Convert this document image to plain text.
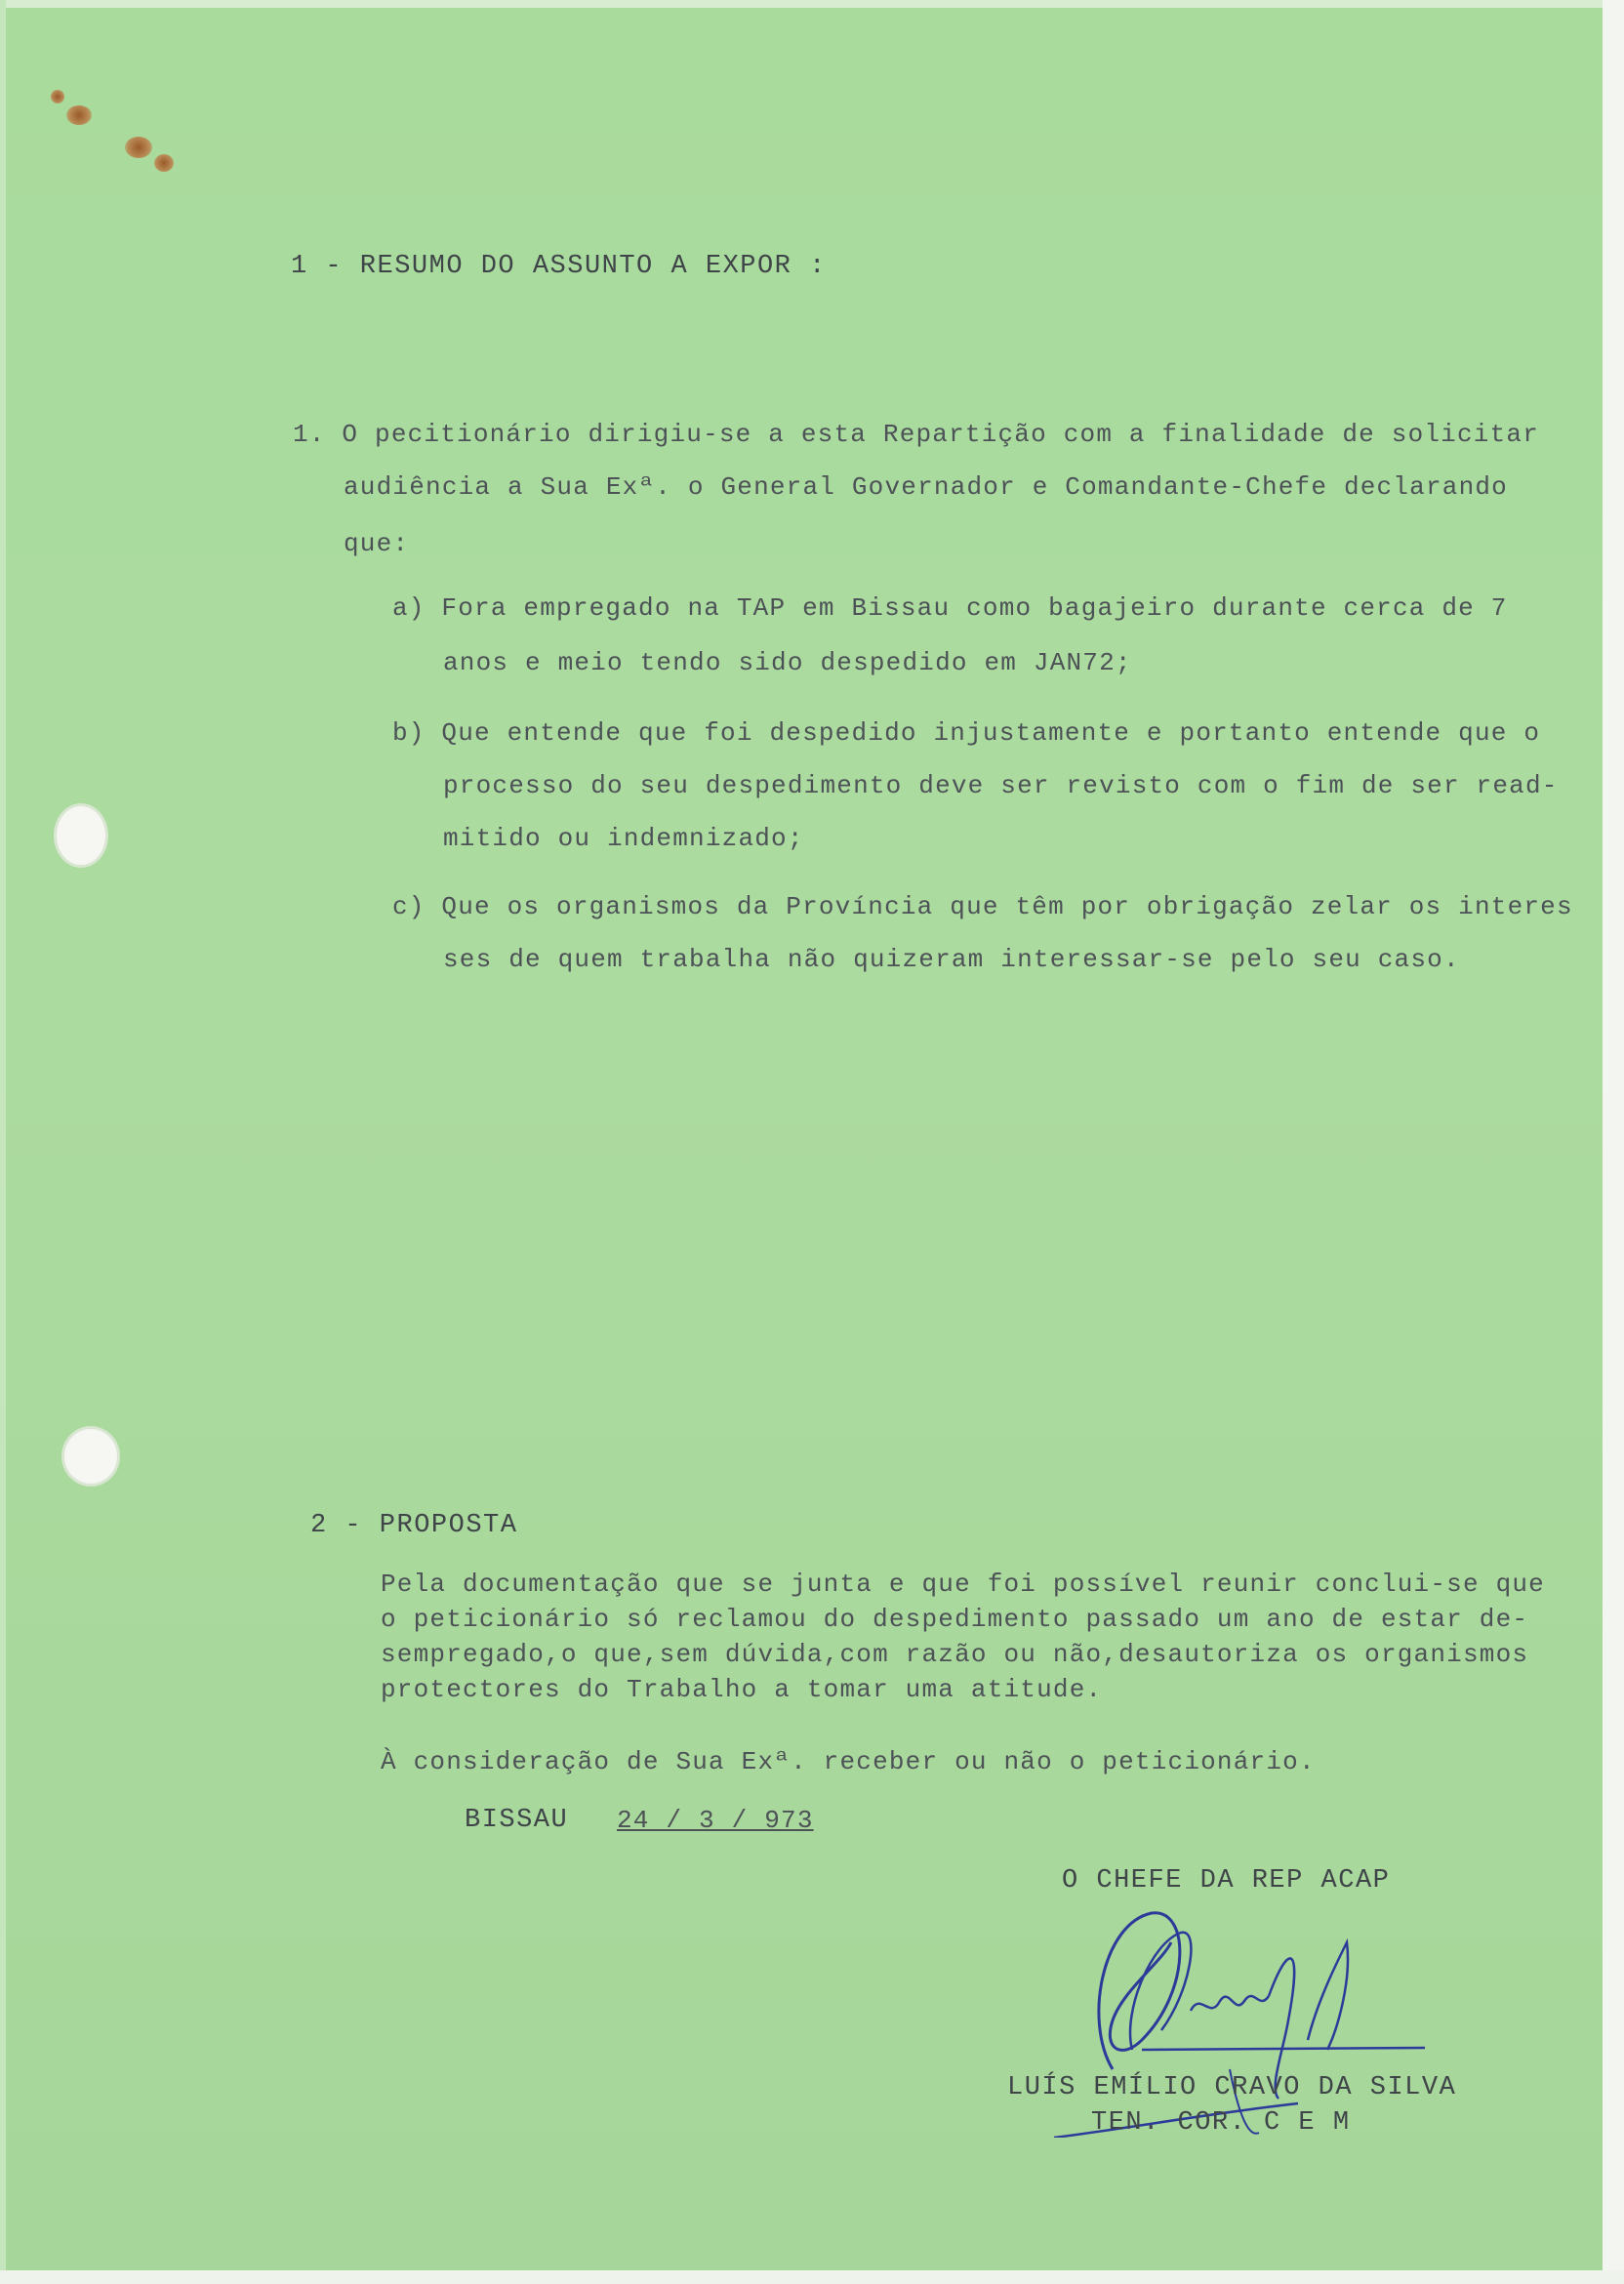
1 - RESUMO DO ASSUNTO A EXPOR :
1. O pecitionário dirigiu-se a esta Repartição com a finalidade de solicitar
audiência a Sua Exª. o General Governador e Comandante-Chefe declarando
que:
a) Fora empregado na TAP em Bissau como bagajeiro durante cerca de 7
anos e meio tendo sido despedido em JAN72;
b) Que entende que foi despedido injustamente e portanto entende que o
processo do seu despedimento deve ser revisto com o fim de ser read-
mitido ou indemnizado;
c) Que os organismos da Província que têm por obrigação zelar os interes
ses de quem trabalha não quizeram interessar-se pelo seu caso.
2 - PROPOSTA
Pela documentação que se junta e que foi possível reunir conclui-se que
o peticionário só reclamou do despedimento passado um ano de estar de-
sempregado,o que,sem dúvida,com razão ou não,desautoriza os organismos
protectores do Trabalho a tomar uma atitude.
À consideração de Sua Exª. receber ou não o peticionário.
BISSAU 24 / 3 / 973
O CHEFE DA REP ACAP
LUÍS EMÍLIO CRAVO DA SILVA
TEN. COR. C E M
